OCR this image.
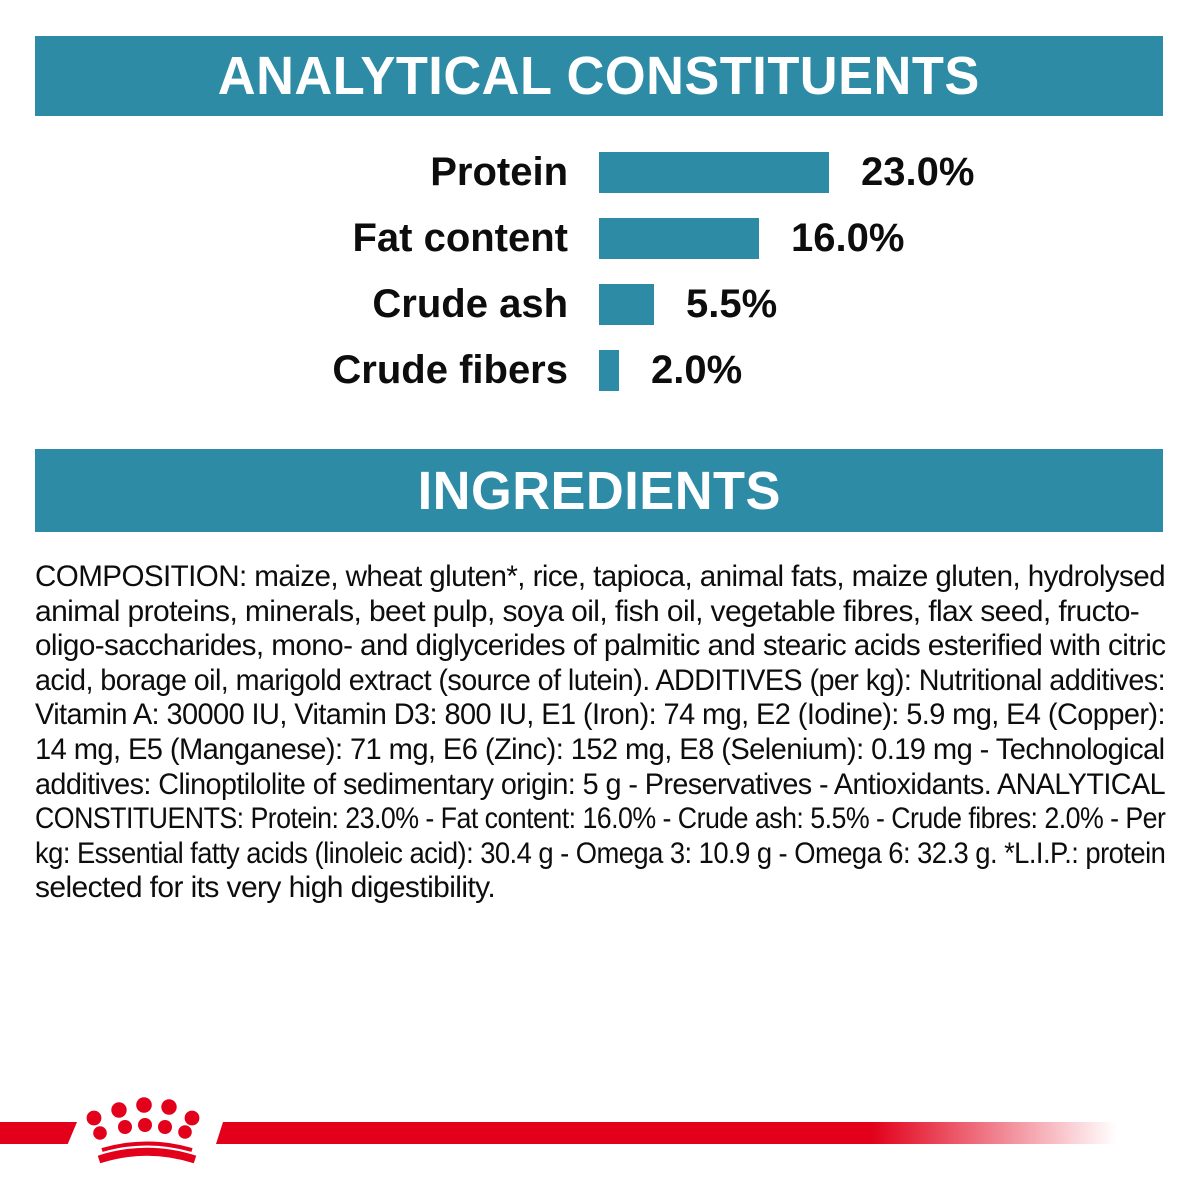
ANALYTICAL CONSTITUENTS
Protein	23.0%
Fat content	16.0%
Crude ash	5.5%
Crude fibers 2.0%
INGREDIENTS
COMPOSITION: maize, wheat gluten*, rice, tapioca, animal fats, maize gluten, hydrolysed
animal proteins, minerals, beet pulp, soya oil, fish oil, vegetable fibres, flax seed, fructo-
oligo-saccharides, mono- and diglycerides of palmitic and stearic acids esterified with citric
acid, borage oil, marigold extract (source of lutein). ADDITIVES (per kg): Nutritional additives:
Vitamin A: 30000 IU, Vitamin D3: 800 IU, E1 (Iron): 74 mg, E2 (Iodine): 5.9 mg, E4 (Copper):
14 mg, E5 (Manganese): 71 mg, E6 (Zinc): 152 mg, E8 (Selenium): 0.19 mg - Technological
additives: Clinoptilolite of sedimentary origin: 5 g - Preservatives - Antioxidants. ANALYTICAL
CONSTITUENTS: Protein: 23.0% - Fat content: 16.0% - Crude ash: 5.5% - Crude fibres: 2.0% - Per
kg: Essential fatty acids (linoleic acid): 30.4 g - Omega 3: 10.9 g - Omega 6: 32.3 g. *L.I.P.: protein
selected for its very high digestibility.
